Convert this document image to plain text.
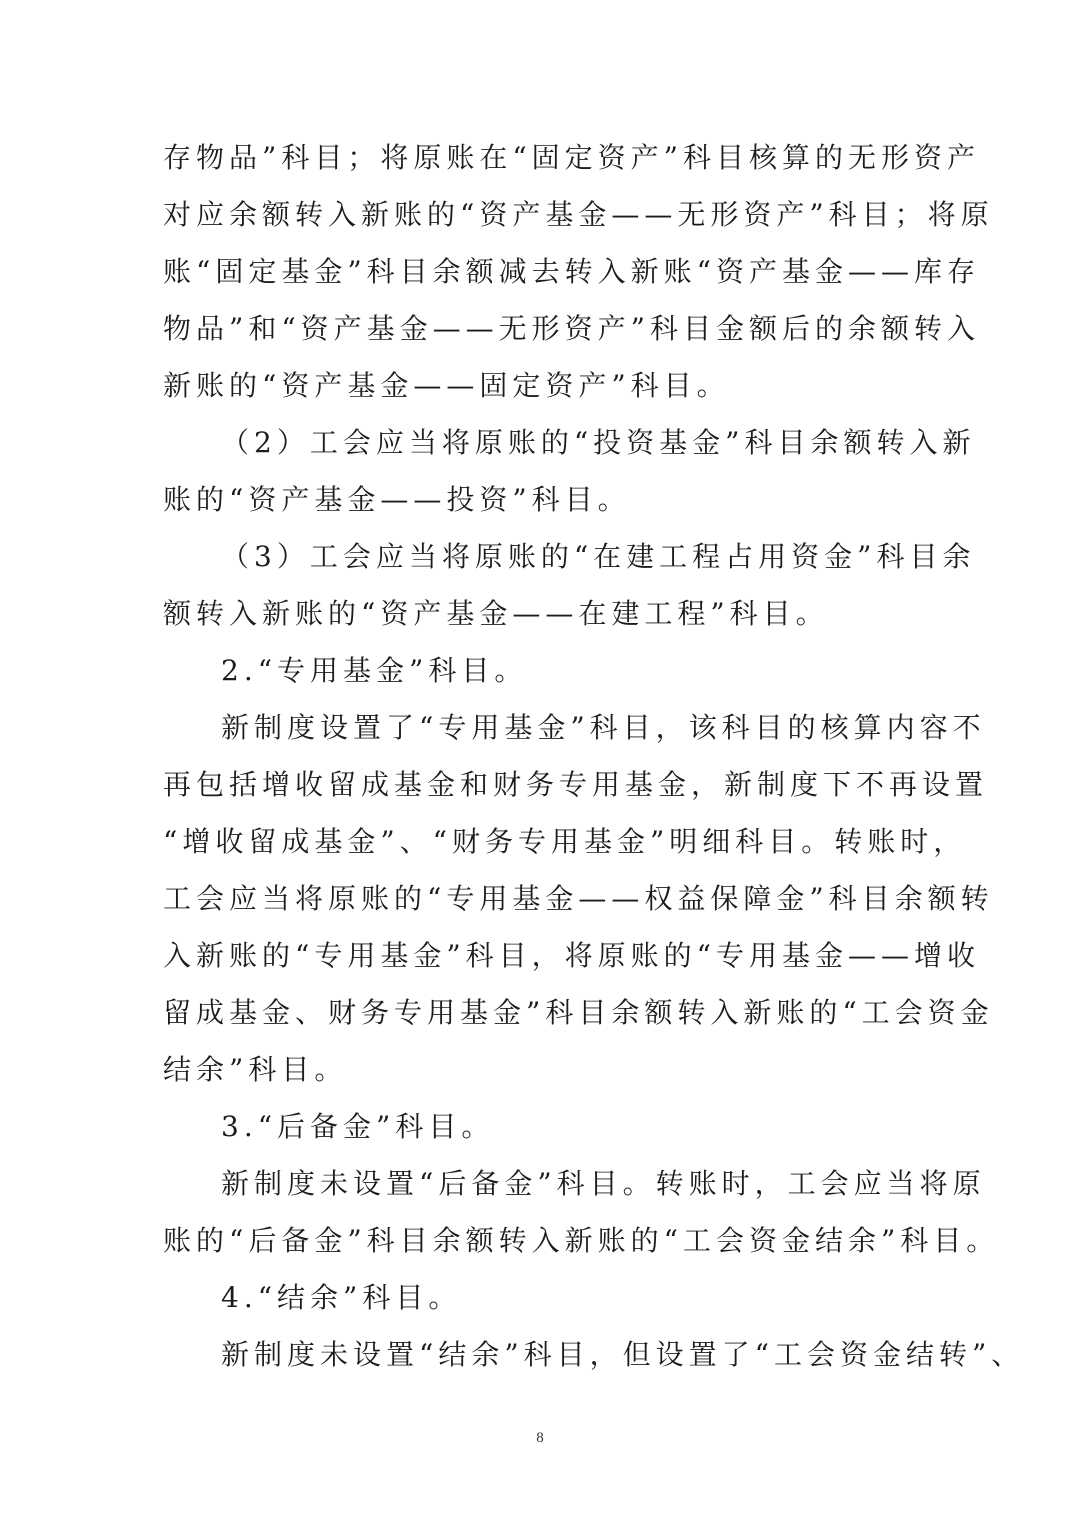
存物品”科目；将原账在“固定资产”科目核算的无形资产
对应余额转入新账的“资产基金——无形资产”科目；将原
账“固定基金”科目余额减去转入新账“资产基金——库存
物品”和“资产基金——无形资产”科目金额后的余额转入
新账的“资产基金——固定资产”科目。
（2）工会应当将原账的“投资基金”科目余额转入新
账的“资产基金——投资”科目。
（3）工会应当将原账的“在建工程占用资金”科目余
额转入新账的“资产基金——在建工程”科目。
2.“专用基金”科目。
新制度设置了“专用基金”科目，该科目的核算内容不
再包括增收留成基金和财务专用基金，新制度下不再设置
“增收留成基金”、“财务专用基金”明细科目。转账时，
工会应当将原账的“专用基金——权益保障金”科目余额转
入新账的“专用基金”科目，将原账的“专用基金——增收
留成基金、财务专用基金”科目余额转入新账的“工会资金
结余”科目。
3.“后备金”科目。
新制度未设置“后备金”科目。转账时，工会应当将原
账的“后备金”科目余额转入新账的“工会资金结余”科目。
4.“结余”科目。
新制度未设置“结余”科目，但设置了“工会资金结转”、
8
